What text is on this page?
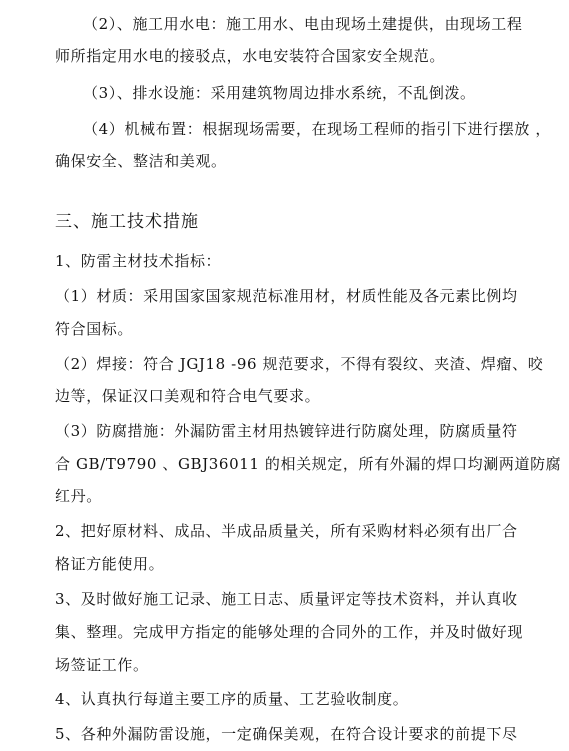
（2）、施工用水电：施工用水、电由现场土建提供，由现场工程
师所指定用水电的接驳点，水电安装符合国家安全规范。
（3）、排水设施：采用建筑物周边排水系统，不乱倒泼。
（4）机械布置：根据现场需要，在现场工程师的指引下进行摆放 ，
确保安全、整洁和美观。
三、施工技术措施
1、防雷主材技术指标：
（1）材质：采用国家国家规范标准用材，材质性能及各元素比例均
符合国标。
（2）焊接：符合 JGJ18 -96 规范要求，不得有裂纹、夹渣、焊瘤、咬
边等，保证汉口美观和符合电气要求。
（3）防腐措施：外漏防雷主材用热镀锌进行防腐处理，防腐质量符
合 GB/T9790 、GBJ36011 的相关规定，所有外漏的焊口均涮两道防腐
红丹。
2、把好原材料、成品、半成品质量关，所有采购材料必须有出厂合
格证方能使用。
3、及时做好施工记录、施工日志、质量评定等技术资料，并认真收
集、整理。完成甲方指定的能够处理的合同外的工作，并及时做好现
场签证工作。
4、认真执行每道主要工序的质量、工艺验收制度。
5、各种外漏防雷设施，一定确保美观，在符合设计要求的前提下尽
